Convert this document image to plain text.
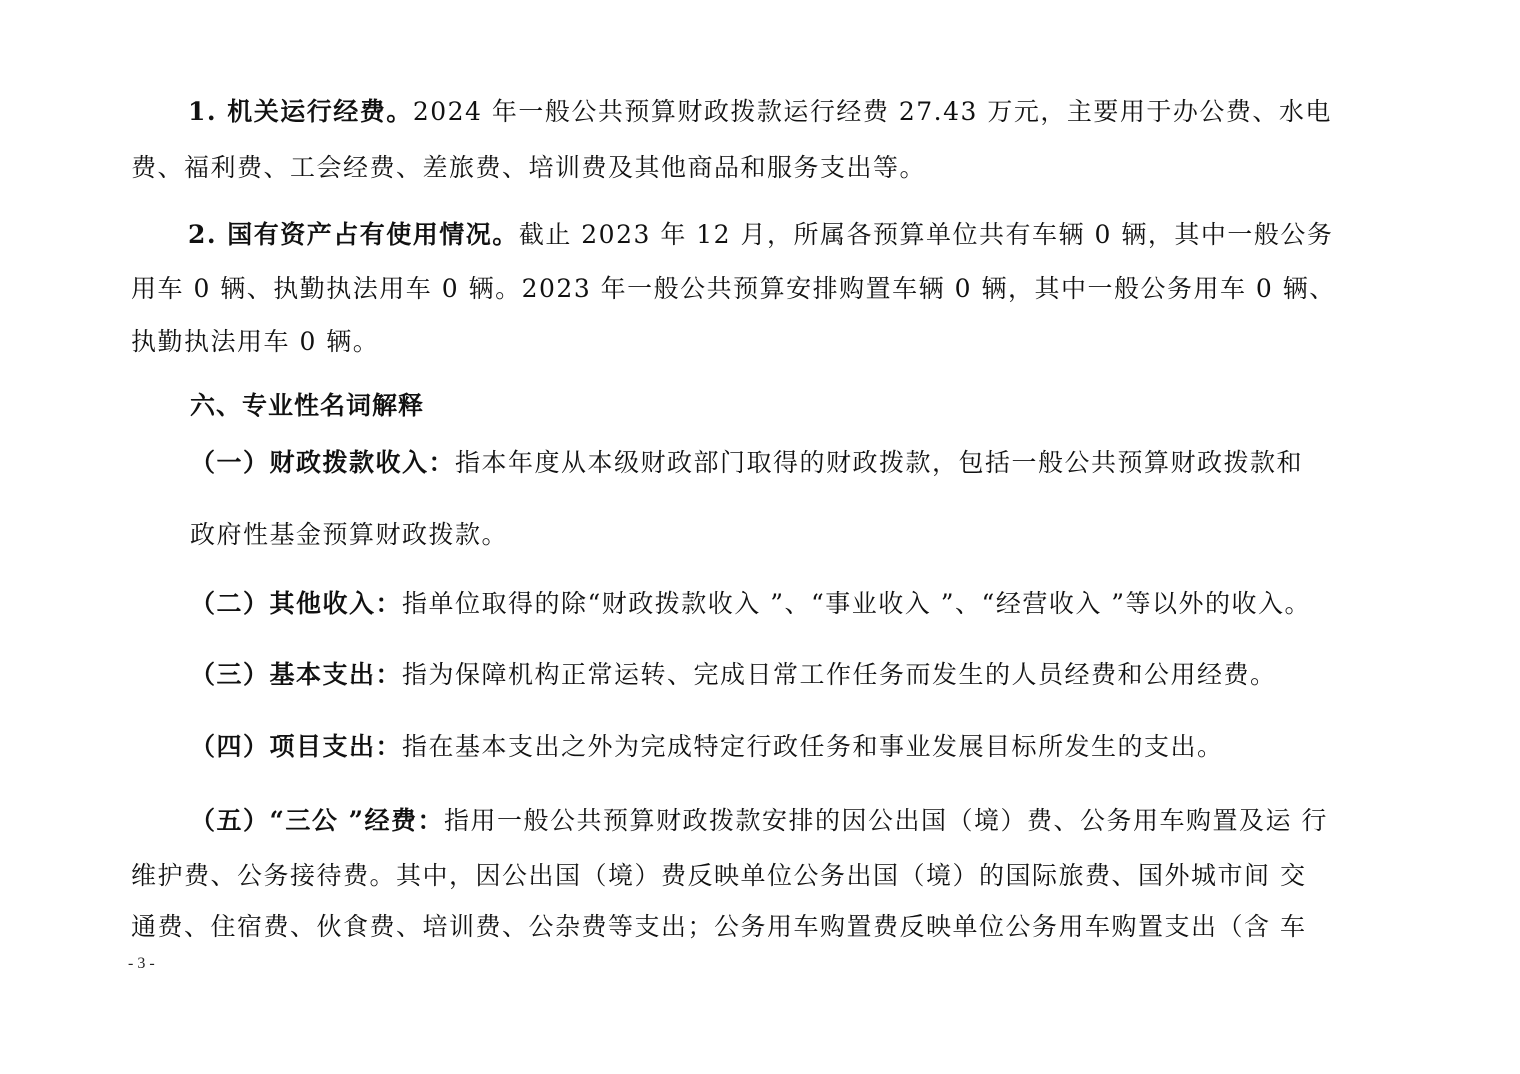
1. 机关运行经费。2024 年一般公共预算财政拨款运行经费 27.43 万元，主要用于办公费、水电
费、福利费、工会经费、差旅费、培训费及其他商品和服务支出等。
2. 国有资产占有使用情况。截止 2023 年 12 月，所属各预算单位共有车辆 0 辆，其中一般公务
用车 0 辆、执勤执法用车 0 辆。2023 年一般公共预算安排购置车辆 0 辆，其中一般公务用车 0 辆、
执勤执法用车 0 辆。
六、专业性名词解释
（一）财政拨款收入：指本年度从本级财政部门取得的财政拨款，包括一般公共预算财政拨款和
政府性基金预算财政拨款。
（二）其他收入：指单位取得的除“财政拨款收入 ”、“事业收入 ”、“经营收入 ”等以外的收入。
（三）基本支出：指为保障机构正常运转、完成日常工作任务而发生的人员经费和公用经费。
（四）项目支出：指在基本支出之外为完成特定行政任务和事业发展目标所发生的支出。
（五）“三公 ”经费：指用一般公共预算财政拨款安排的因公出国（境）费、公务用车购置及运 行
维护费、公务接待费。其中，因公出国（境）费反映单位公务出国（境）的国际旅费、国外城市间 交
通费、住宿费、伙食费、培训费、公杂费等支出；公务用车购置费反映单位公务用车购置支出（含 车
- 3 -
